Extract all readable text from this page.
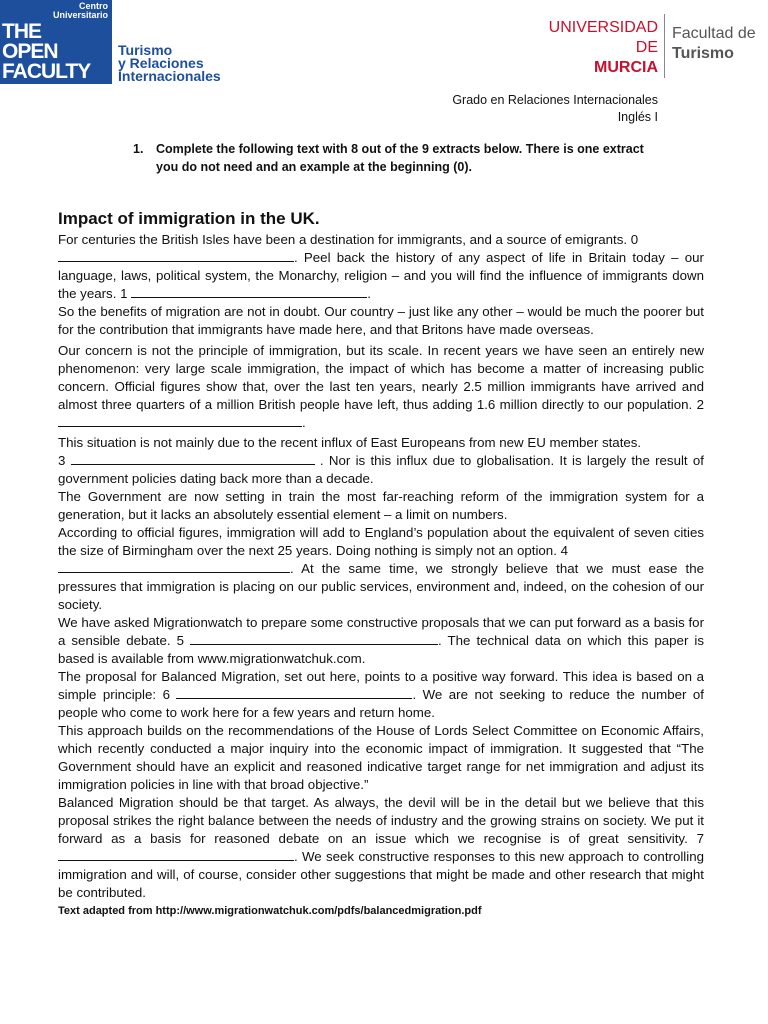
Centro
Universitario
THE
OPEN
FACULTY
Turismo
y Relaciones
Internacionales
UNIVERSIDAD DE
MURCIA
Facultad de
Turismo
Grado en Relaciones Internacionales
Inglés I
1. Complete the following text with 8 out of the 9 extracts below. There is one extract you do not need and an example at the beginning (0).
Impact of immigration in the UK.

For centuries the British Isles have been a destination for immigrants, and a source of emigrants. 0
. Peel back the history of any aspect of life in Britain today – our language, laws, political system, the Monarchy, religion – and you will find the influence of immigrants down the years. 1	.

So the benefits of migration are not in doubt. Our country – just like any other – would be much the poorer but for the contribution that immigrants have made here, and that Britons have made overseas.

Our concern is not the principle of immigration, but its scale. In recent years we have seen an entirely new phenomenon: very large scale immigration, the impact of which has become a matter of increasing public concern. Official figures show that, over the last ten years, nearly 2.5 million immigrants have arrived and almost three quarters of a million British people have left, thus adding 1.6 million directly to our population. 2 .

This situation is not mainly due to the recent influx of East Europeans from new EU member states.
3	. Nor is this influx due to globalisation. It is largely the result of government policies dating back more than a decade.

The Government are now setting in train the most far-reaching reform of the immigration system for a generation, but it lacks an absolutely essential element – a limit on numbers.

According to official figures, immigration will add to England’s population about the equivalent of seven cities the size of Birmingham over the next 25 years. Doing nothing is simply not an option. 4
. At the same time, we strongly believe that we must ease the pressures that immigration is placing on our public services, environment and, indeed, on the cohesion of our society.

We have asked Migrationwatch to prepare some constructive proposals that we can put forward as a basis for a sensible debate. 5	. The technical data on which this paper is based is available from www.migrationwatchuk.com.

The proposal for Balanced Migration, set out here, points to a positive way forward. This idea is based on a simple principle: 6	. We are not seeking to reduce the number of people who come to work here for a few years and return home.

This approach builds on the recommendations of the House of Lords Select Committee on Economic Affairs, which recently conducted a major inquiry into the economic impact of immigration. It suggested that “The Government should have an explicit and reasoned indicative target range for net immigration and adjust its immigration policies in line with that broad objective.”

Balanced Migration should be that target. As always, the devil will be in the detail but we believe that this proposal strikes the right balance between the needs of industry and the growing strains on society. We put it forward as a basis for reasoned debate on an issue which we recognise is of great sensitivity. 7 . We seek constructive responses to this new approach to controlling immigration and will, of course, consider other suggestions that might be made and other research that might be contributed.

Text adapted from http://www.migrationwatchuk.com/pdfs/balancedmigration.pdf
